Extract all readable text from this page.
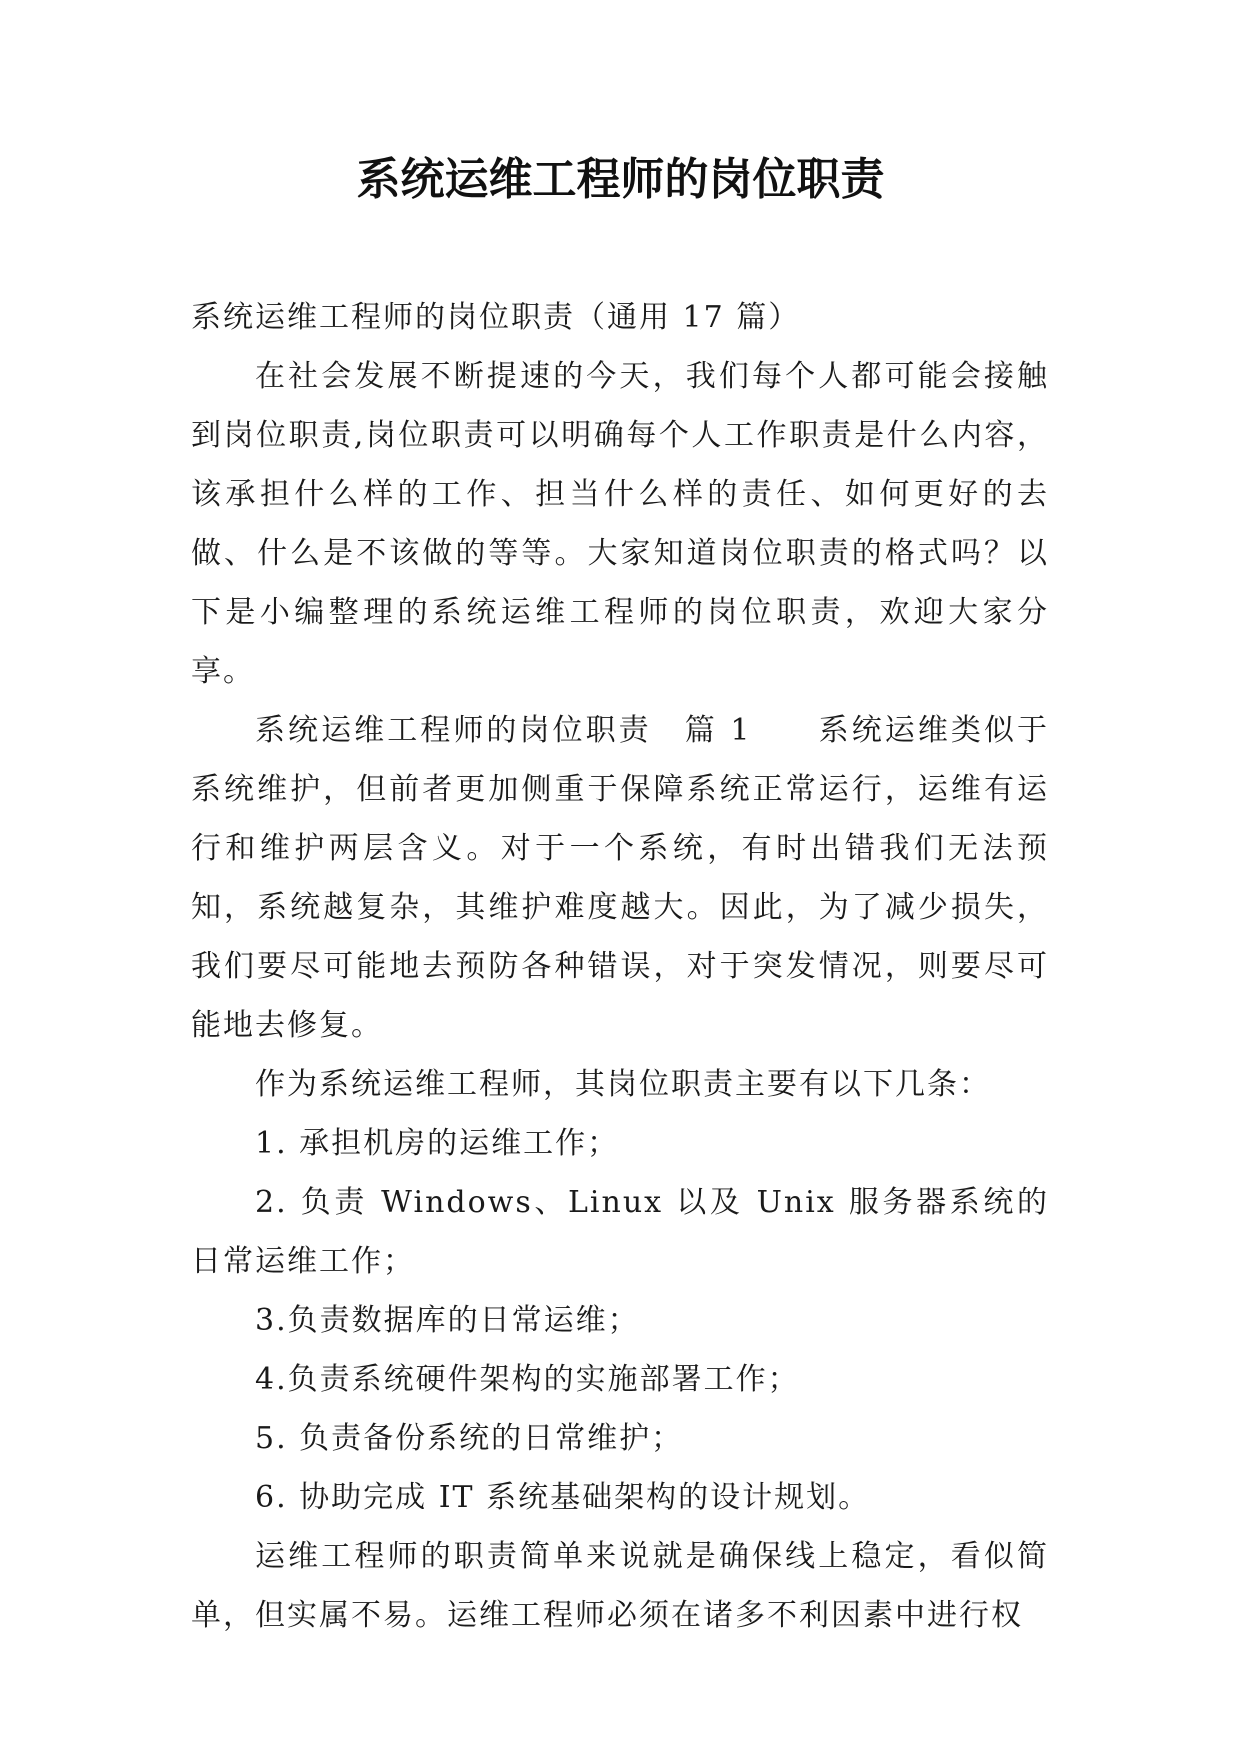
系统运维工程师的岗位职责

系统运维工程师的岗位职责（通用 17 篇）

在社会发展不断提速的今天，我们每个人都可能会接触到岗位职责,岗位职责可以明确每个人工作职责是什么内容，该承担什么样的工作、担当什么样的责任、如何更好的去做、什么是不该做的等等。大家知道岗位职责的格式吗？以下是小编整理的系统运维工程师的岗位职责，欢迎大家分享。

系统运维工程师的岗位职责　篇 1　　系统运维类似于系统维护，但前者更加侧重于保障系统正常运行，运维有运行和维护两层含义。对于一个系统，有时出错我们无法预知，系统越复杂，其维护难度越大。因此，为了减少损失，我们要尽可能地去预防各种错误，对于突发情况，则要尽可能地去修复。

作为系统运维工程师，其岗位职责主要有以下几条：

1. 承担机房的运维工作；

2. 负责 Windows、Linux 以及 Unix 服务器系统的日常运维工作；

3.负责数据库的日常运维；

4.负责系统硬件架构的实施部署工作；

5. 负责备份系统的日常维护；

6. 协助完成 IT 系统基础架构的设计规划。

运维工程师的职责简单来说就是确保线上稳定，看似简单，但实属不易。运维工程师必须在诸多不利因素中进行权
